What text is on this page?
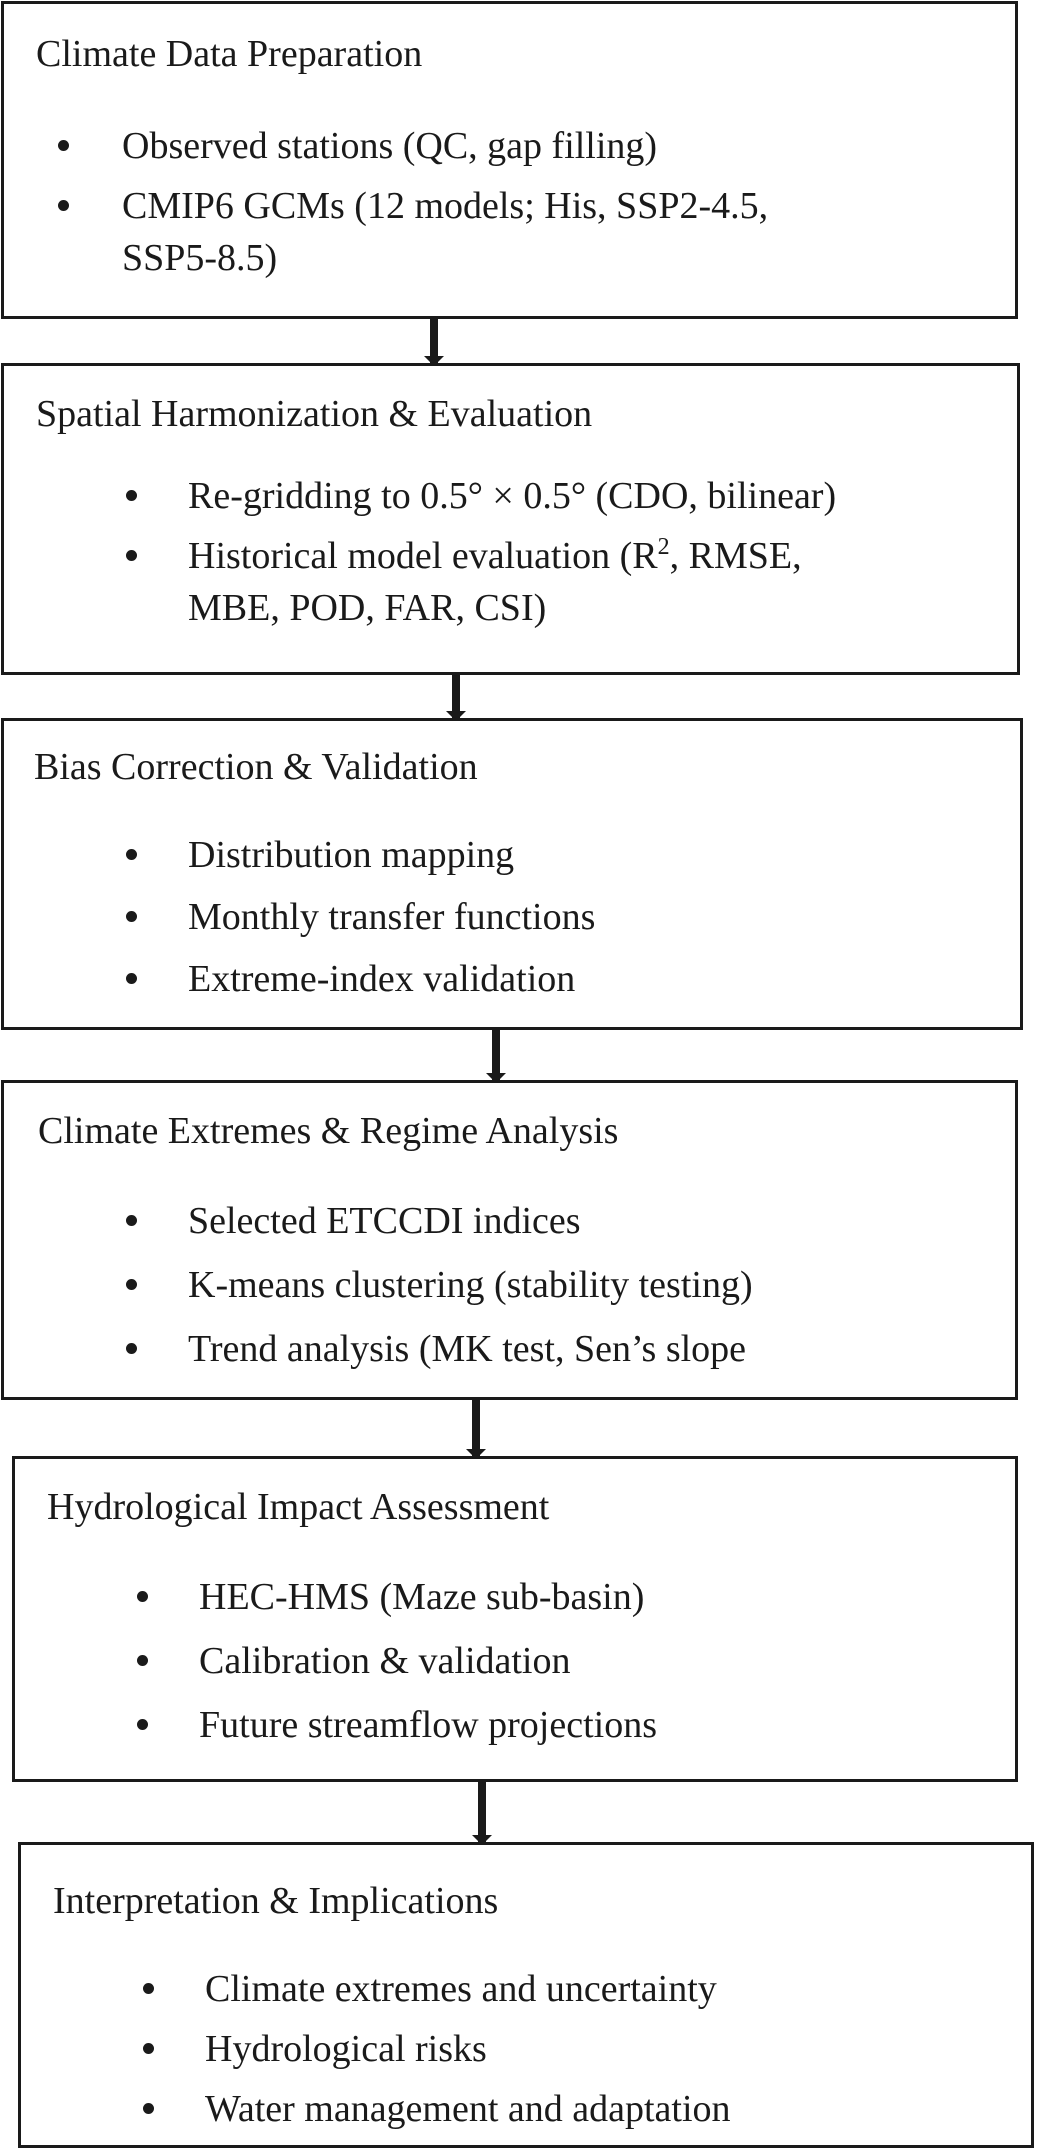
Climate Data Preparation
Observed stations (QC, gap filling)
CMIP6 GCMs (12 models; His, SSP2-4.5,
SSP5-8.5)
Spatial Harmonization & Evaluation
Re-gridding to 0.5° × 0.5° (CDO, bilinear)
Historical model evaluation ($R^2$, RMSE,
MBE, POD, FAR, CSI)
Bias Correction & Validation
Distribution mapping
Monthly transfer functions
Extreme-index validation
Climate Extremes & Regime Analysis
Selected ETCCDI indices
K-means clustering (stability testing)
Trend analysis (MK test, Sen’s slope
Hydrological Impact Assessment
HEC-HMS (Maze sub-basin)
Calibration & validation
Future streamflow projections
Interpretation & Implications
Climate extremes and uncertainty
Hydrological risks
Water management and adaptation
